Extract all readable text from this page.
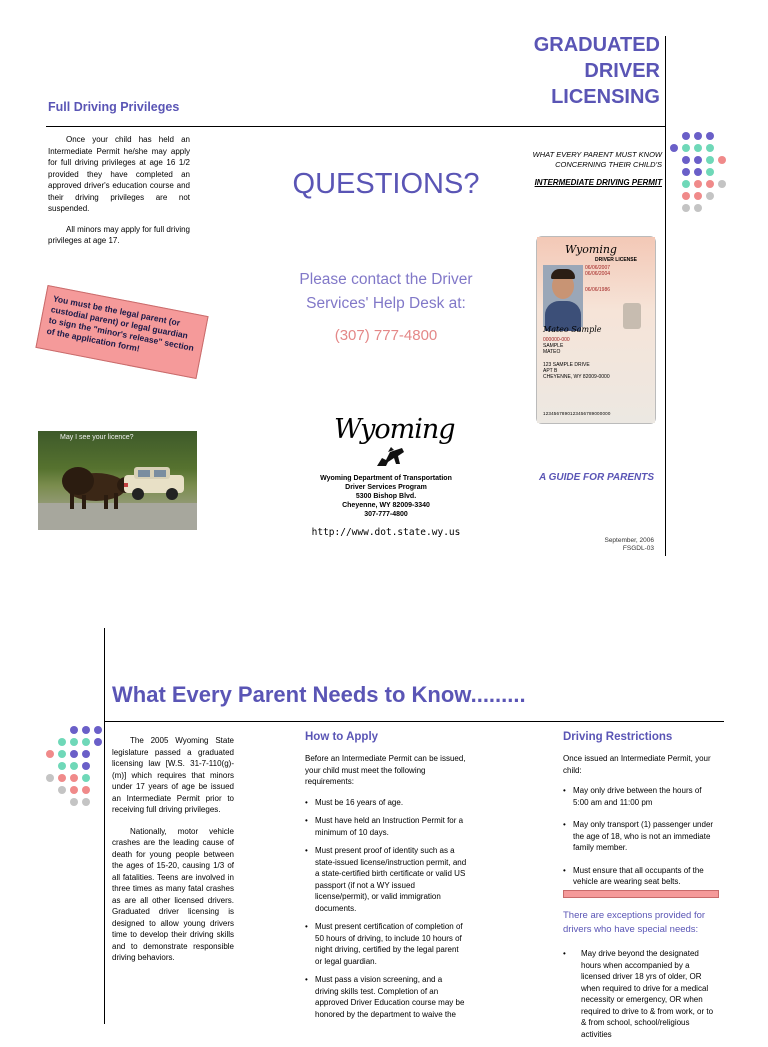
GRADUATED
DRIVER
LICENSING
WHAT EVERY PARENT MUST KNOW
CONCERNING THEIR CHILD'S
INTERMEDIATE DRIVING PERMIT
Full Driving Privileges

Once your child has held an Intermediate Permit he/she may apply for full driving privileges at age 16 1/2 provided they have completed an approved driver's education course and their driving privileges are not suspended.

All minors may apply for full driving privileges at age 17.

You must be the legal parent (or custodial parent) or legal guardian to sign the "minor's release" section of the application form!
May I see your licence?
QUESTIONS?
Please contact the Driver
Services' Help Desk at:
(307) 777-4800
Wyoming
Wyoming Department of Transportation
Driver Services Program
5300 Bishop Blvd.
Cheyenne, WY 82009-3340
307-777-4800
http://www.dot.state.wy.us
Wyoming
DRIVER LICENSE
Mateo Sample
06/06/2007
06/06/2004
06/06/1986
000000-000
SAMPLE
MATEO
123 SAMPLE DRIVE
APT B
CHEYENNE, WY 82009-0000
1234567890123456789000000
A GUIDE FOR PARENTS
September, 2006
FSGDL-03
What Every Parent Needs to Know.........

The 2005 Wyoming State legislature passed a graduated licensing law [W.S. 31-7-110(g)-(m)] which requires that minors under 17 years of age be issued an Intermediate Permit prior to receiving full driving privileges.

Nationally, motor vehicle crashes are the leading cause of death for young people between the ages of 15-20, causing 1/3 of all fatalities. Teens are involved in three times as many fatal crashes as are all other licensed drivers. Graduated driver licensing is designed to allow young drivers time to develop their driving skills and to demonstrate responsible driving behaviors.

How to Apply

Before an Intermediate Permit can be issued, your child must meet the following requirements:

• Must be 16 years of age.
• Must have held an Instruction Permit for a minimum of 10 days.
• Must present proof of identity such as a state-issued license/instruction permit, and a state-certified birth certificate or valid US passport (if not a WY issued license/permit), or valid immigration documents.
• Must present certification of completion of 50 hours of driving, to include 10 hours of night driving, certified by the legal parent or legal guardian.
• Must pass a vision screening, and a driving skills test. Completion of an approved Driver Education course may be honored by the department to waive the
Driving Restrictions

Once issued an Intermediate Permit, your child:

• May only drive between the hours of 5:00 am and 11:00 pm
• May only transport (1) passenger under the age of 18, who is not an immediate family member.
• Must ensure that all occupants of the vehicle are wearing seat belts.
There are exceptions provided for drivers who have special needs:
• May drive beyond the designated hours when accompanied by a licensed driver 18 yrs of older, OR when required to drive for a medical necessity or emergency, OR when required to drive to & from work, or to & from school, school/religious activities
